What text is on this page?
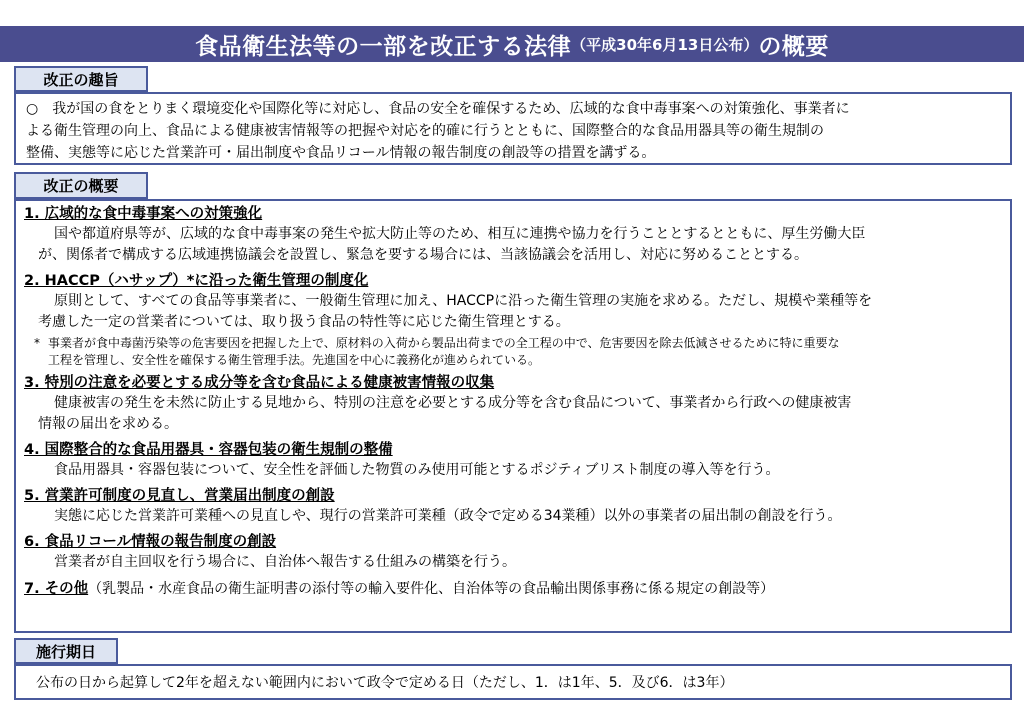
食品衛生法等の一部を改正する法律 （平成30年6月13日公布） の概要
改正の趣旨
○　我が国の食をとりまく環境変化や国際化等に対応し、食品の安全を確保するため、広域的な食中毒事案への対策強化、事業者に
よる衛生管理の向上、食品による健康被害情報等の把握や対応を的確に行うとともに、国際整合的な食品用器具等の衛生規制の
整備、実態等に応じた営業許可・届出制度や食品リコール情報の報告制度の創設等の措置を講ずる。
改正の概要
1. 広域的な食中毒事案への対策強化
国や都道府県等が、広域的な食中毒事案の発生や拡大防止等のため、相互に連携や協力を行うこととするとともに、厚生労働大臣
が、関係者で構成する広域連携協議会を設置し、緊急を要する場合には、当該協議会を活用し、対応に努めることとする。
2. HACCP（ハサップ）*に沿った衛生管理の制度化
原則として、すべての食品等事業者に、一般衛生管理に加え、HACCPに沿った衛生管理の実施を求める。ただし、規模や業種等を
考慮した一定の営業者については、取り扱う食品の特性等に応じた衛生管理とする。
* 事業者が食中毒菌汚染等の危害要因を把握した上で、原材料の入荷から製品出荷までの全工程の中で、危害要因を除去低減させるために特に重要な
工程を管理し、安全性を確保する衛生管理手法。先進国を中心に義務化が進められている。
3. 特別の注意を必要とする成分等を含む食品による健康被害情報の収集
健康被害の発生を未然に防止する見地から、特別の注意を必要とする成分等を含む食品について、事業者から行政への健康被害
情報の届出を求める。
4. 国際整合的な食品用器具・容器包装の衛生規制の整備
食品用器具・容器包装について、安全性を評価した物質のみ使用可能とするポジティブリスト制度の導入等を行う。
5. 営業許可制度の見直し、営業届出制度の創設
実態に応じた営業許可業種への見直しや、現行の営業許可業種（政令で定める34業種）以外の事業者の届出制の創設を行う。
6. 食品リコール情報の報告制度の創設
営業者が自主回収を行う場合に、自治体へ報告する仕組みの構築を行う。
7. その他（乳製品・水産食品の衛生証明書の添付等の輸入要件化、自治体等の食品輸出関係事務に係る規定の創設等）
施行期日
公布の日から起算して2年を超えない範囲内において政令で定める日（ただし、1．は1年、5．及び6．は3年）
